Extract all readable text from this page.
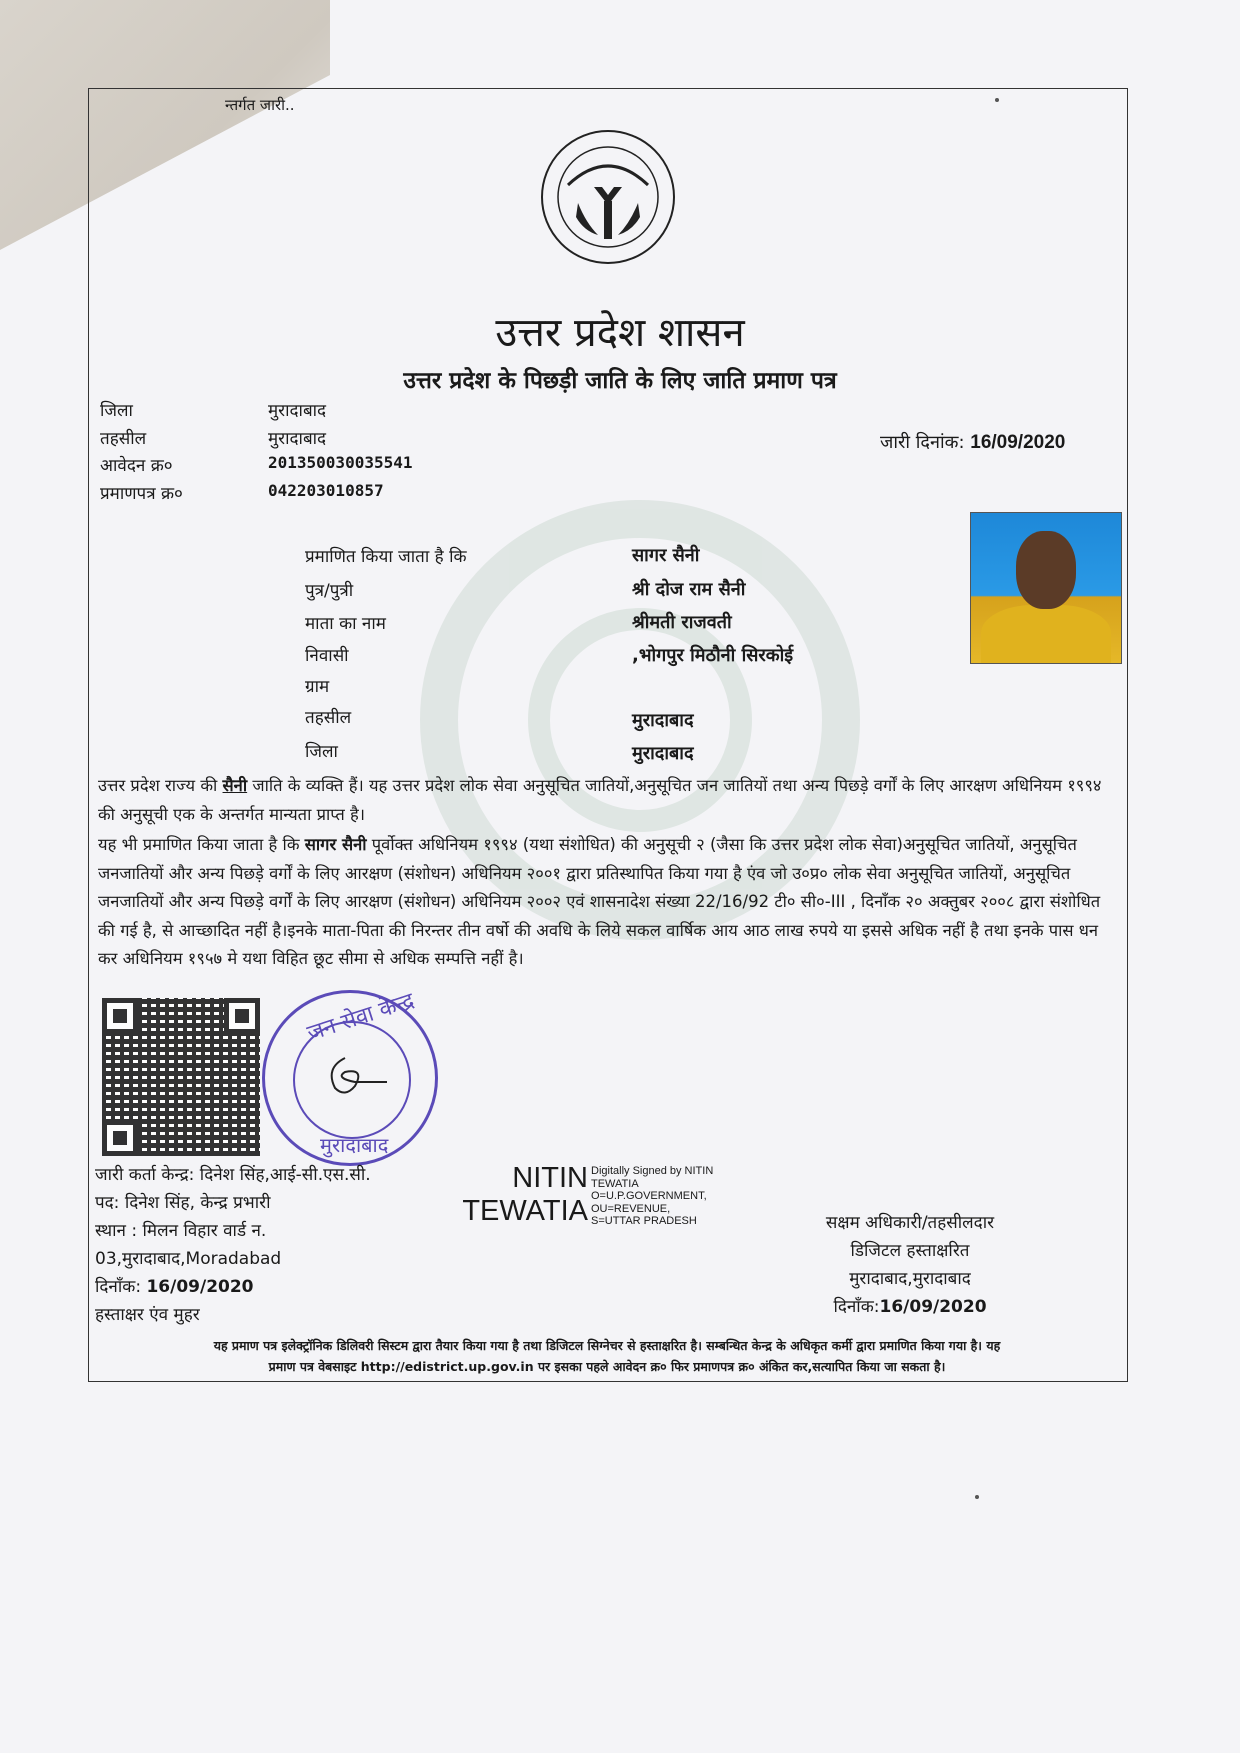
न्तर्गत जारी..
उत्तर प्रदेश शासन
उत्तर प्रदेश के पिछड़ी जाति के लिए जाति प्रमाण पत्र
जिला	मुरादाबाद
तहसील	मुरादाबाद
आवेदन क्र०	201350030035541
प्रमाणपत्र क्र०	042203010857
जारी दिनांक: 16/09/2020
प्रमाणित किया जाता है कि	सागर सैनी
पुत्र/पुत्री	श्री दोज राम सैनी
माता का नाम	श्रीमती राजवती
निवासी	,भोगपुर मिठौनी सिरकोई
ग्राम
तहसील	मुरादाबाद
जिला	मुरादाबाद
उत्तर प्रदेश राज्य की सैनी जाति के व्यक्ति हैं। यह उत्तर प्रदेश लोक सेवा अनुसूचित जातियों,अनुसूचित जन जातियों तथा अन्य पिछड़े वर्गों के लिए आरक्षण अधिनियम १९९४ की अनुसूची एक के अन्तर्गत मान्यता प्राप्त है।
यह भी प्रमाणित किया जाता है कि सागर सैनी पूर्वोक्त अधिनियम १९९४ (यथा संशोधित) की अनुसूची २ (जैसा कि उत्तर प्रदेश लोक सेवा)अनुसूचित जातियों, अनुसूचित जनजातियों और अन्य पिछड़े वर्गों के लिए आरक्षण (संशोधन) अधिनियम २००१ द्वारा प्रतिस्थापित किया गया है एंव जो उ०प्र० लोक सेवा अनुसूचित जातियों, अनुसूचित जनजातियों और अन्य पिछड़े वर्गों के लिए आरक्षण (संशोधन) अधिनियम २००२ एवं शासनादेश संख्या 22/16/92 टी० सी०-III , दिनाँक २० अक्तुबर २००८ द्वारा संशोधित की गई है, से आच्छादित नहीं है।इनके माता-पिता की निरन्तर तीन वर्षो की अवधि के लिये सकल वार्षिक आय आठ लाख रुपये या इससे अधिक नहीं है तथा इनके पास धन कर अधिनियम १९५७ मे यथा विहित छूट सीमा से अधिक सम्पत्ति नहीं है।
जन सेवा केन्द्र
मुरादाबाद
जारी कर्ता केन्द्र: दिनेश सिंह,आई-सी.एस.सी.
पद: दिनेश सिंह, केन्द्र प्रभारी
स्थान : मिलन विहार वार्ड न.
03,मुरादाबाद,Moradabad
दिनाँक: 16/09/2020
हस्ताक्षर एंव मुहर
NITIN
TEWATIA
Digitally Signed by NITIN
TEWATIA
O=U.P.GOVERNMENT,
OU=REVENUE,
S=UTTAR PRADESH	सक्षम अधिकारी/तहसीलदार
डिजिटल हस्ताक्षरित
मुरादाबाद,मुरादाबाद
दिनाँक:16/09/2020
यह प्रमाण पत्र इलेक्ट्रॉनिक डिलिवरी सिस्टम द्वारा तैयार किया गया है तथा डिजिटल सिग्नेचर से हस्ताक्षरित है। सम्बन्धित केन्द्र के अधिकृत कर्मी द्वारा प्रमाणित किया गया है। यह
प्रमाण पत्र वेबसाइट http://edistrict.up.gov.in पर इसका पहले आवेदन क्र० फिर प्रमाणपत्र क्र० अंकित कर,सत्यापित किया जा सकता है।
